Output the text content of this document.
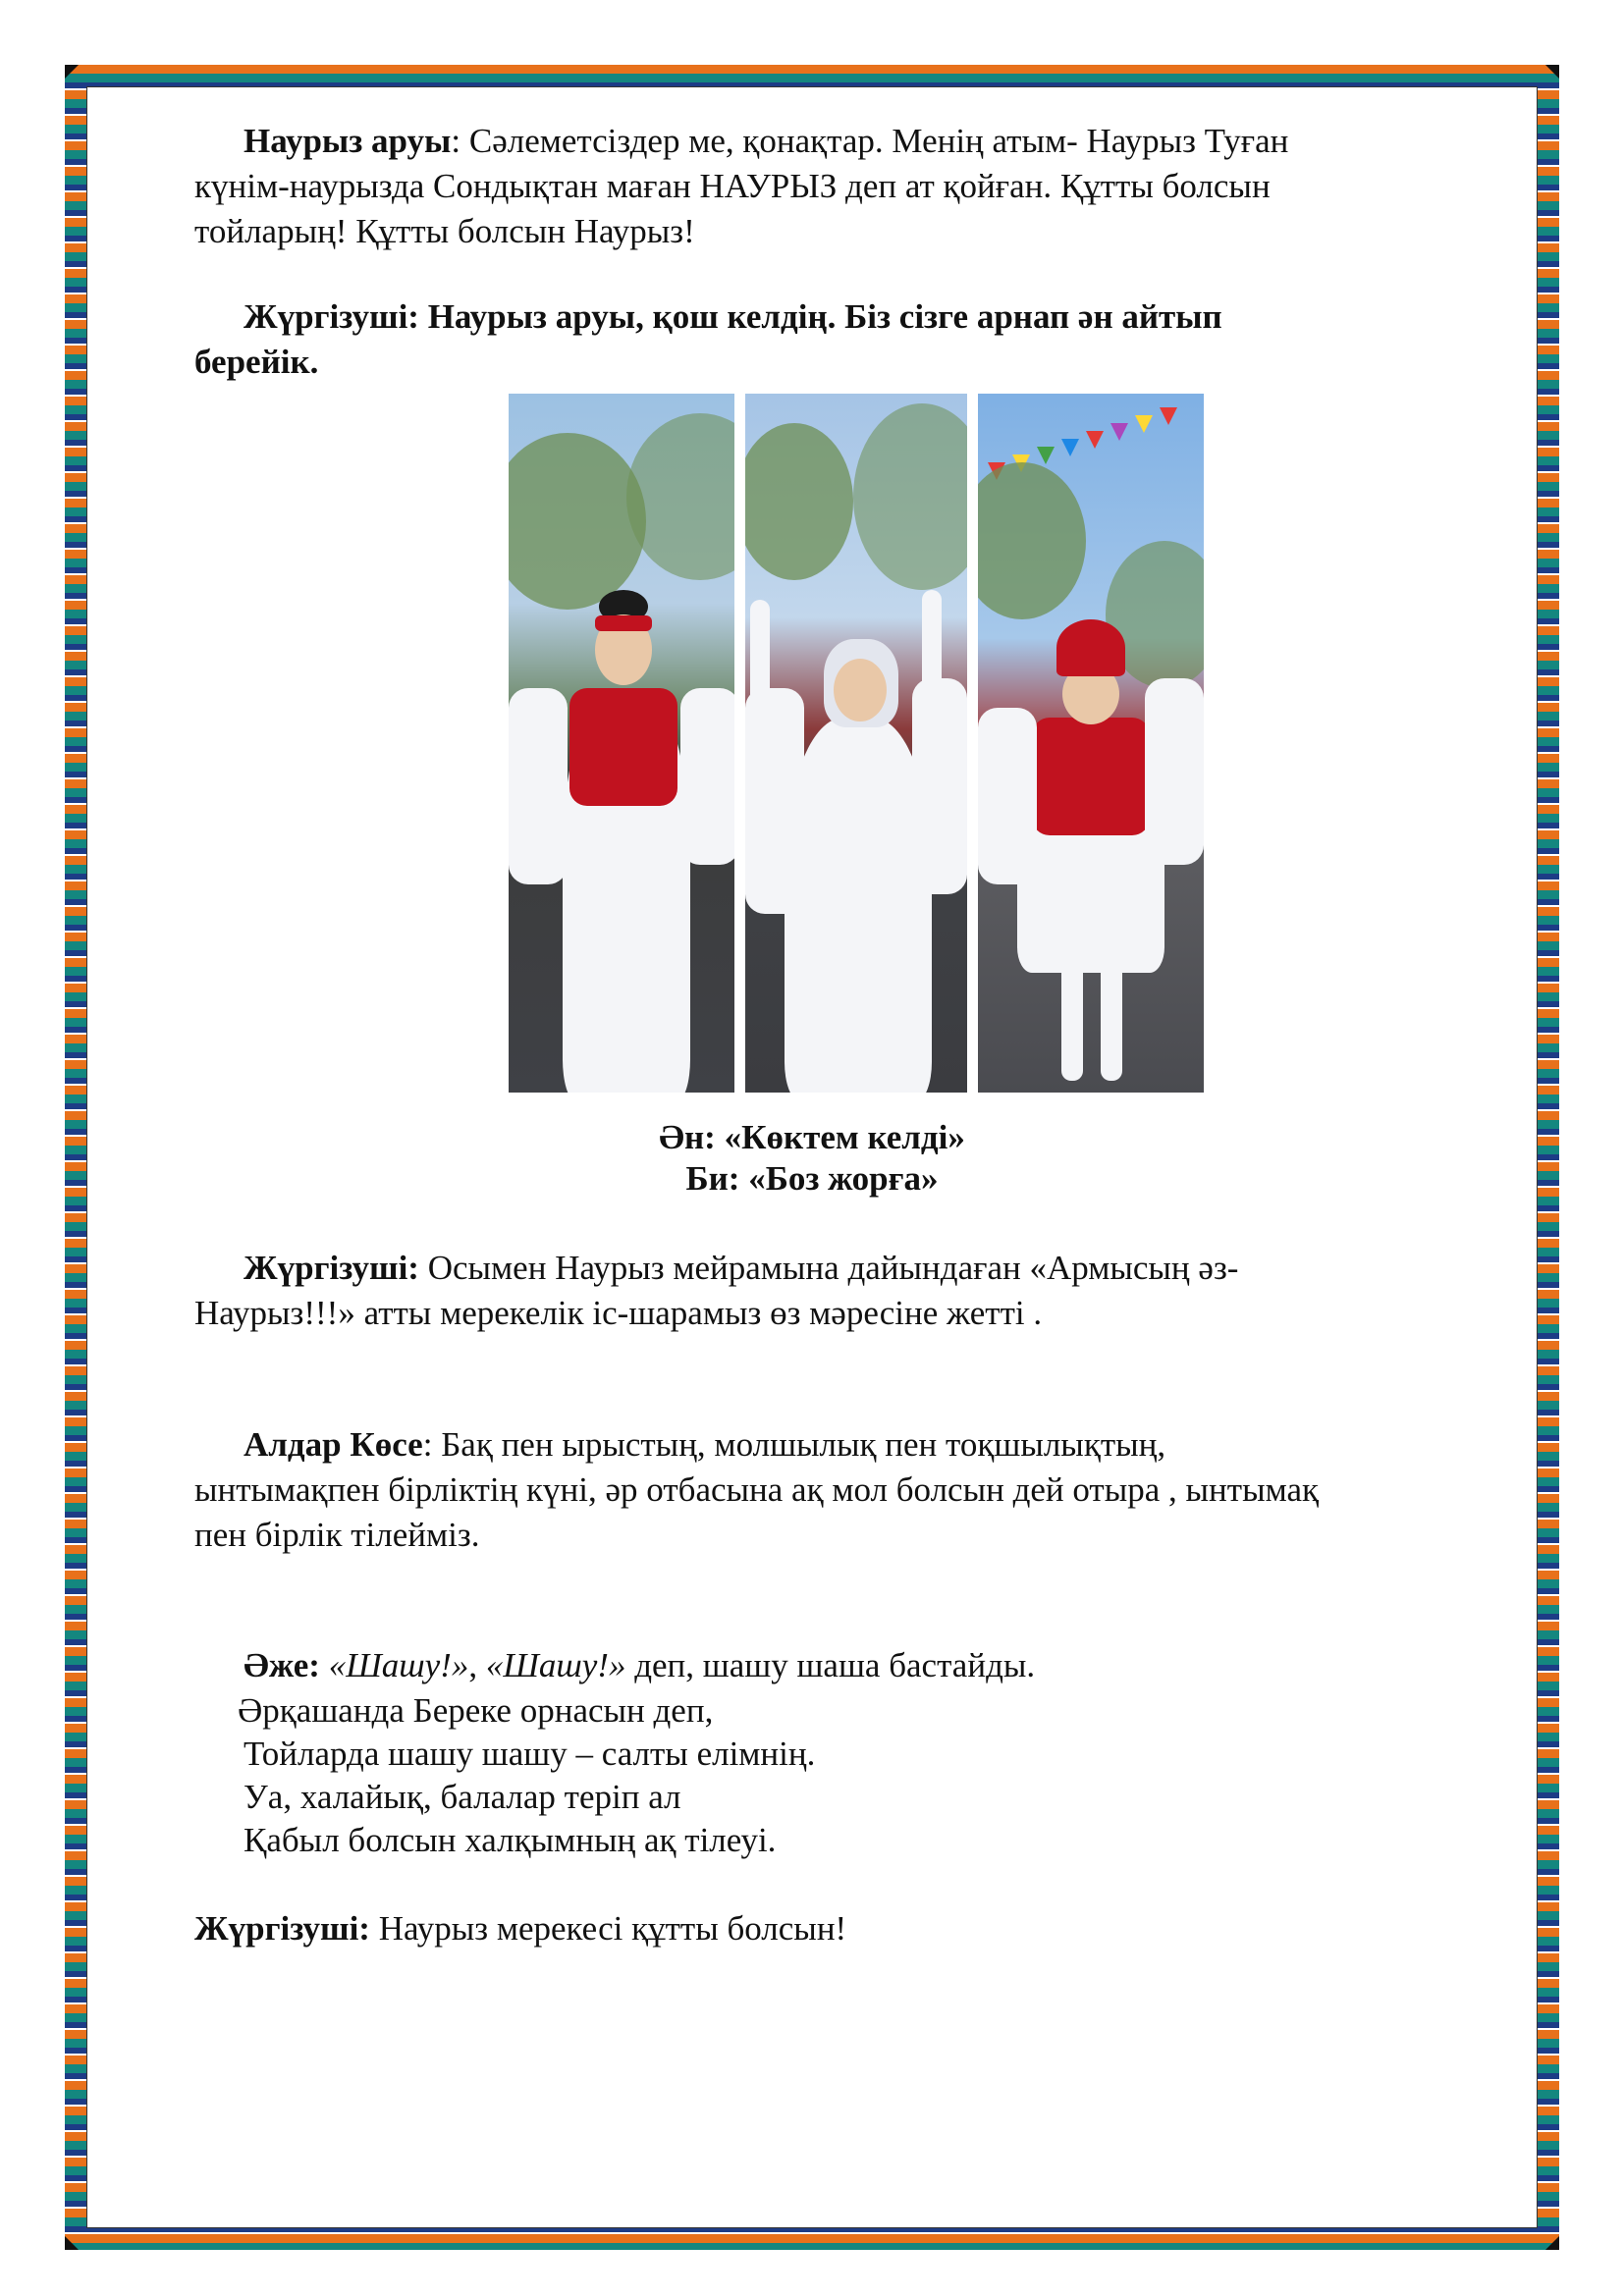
Наурыз аруы: Сәлеметсіздер ме, қонақтар. Менің атым- Наурыз Туған
күнім-наурызда Сондықтан маған НАУРЫЗ деп ат қойған. Құтты болсын
тойларың! Құтты болсын Наурыз!
Жүргізуші: Наурыз аруы, қош келдің. Біз сізге арнап ән айтып
берейік.
Ән: «Көктем келді»
Би: «Боз жорға»
Жүргізуші: Осымен Наурыз мейрамына дайындаған «Армысың әз-
Наурыз!!!» атты мерекелік іс-шарамыз өз мәресіне жетті .
Алдар Көсе: Бақ пен ырыстың, молшылық пен тоқшылықтың,
ынтымақпен бірліктің күні, әр отбасына ақ мол болсын дей отыра , ынтымақ
пен бірлік тілейміз.
Әже: «Шашу!», «Шашу!» деп, шашу шаша бастайды.
Әрқашанда Береке орнасын деп,
Тойларда шашу шашу – салты елімнің.
Уа, халайық, балалар теріп ал
Қабыл болсын халқымның ақ тілеуі.
Жүргізуші: Наурыз мерекесі құтты болсын!
